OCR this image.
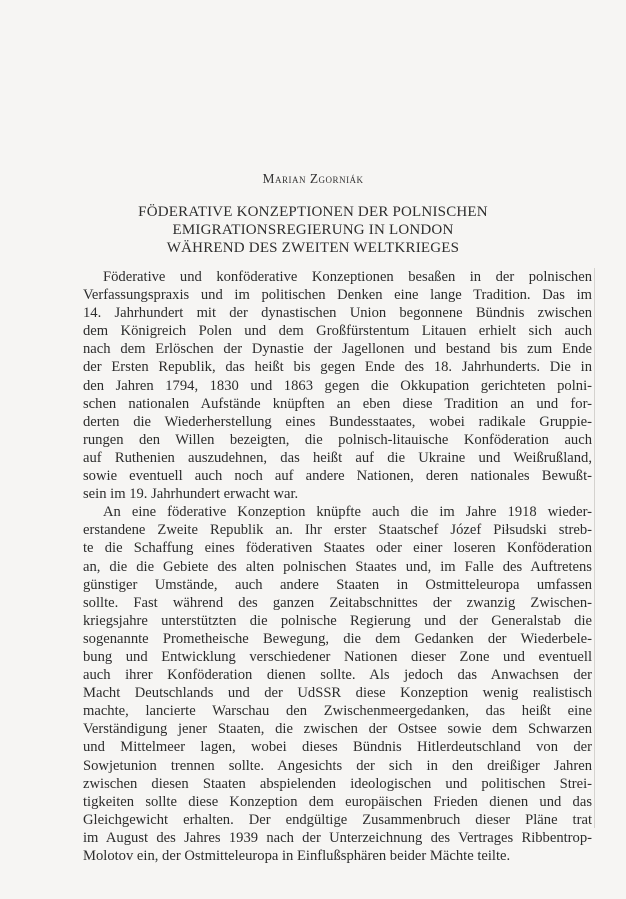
Marian Zgorniák
FÖDERATIVE KONZEPTIONEN DER POLNISCHEN
EMIGRATIONSREGIERUNG IN LONDON
WÄHREND DES ZWEITEN WELTKRIEGES
Föderative und konföderative Konzeptionen besaßen in der polnischen
Verfassungspraxis und im politischen Denken eine lange Tradition. Das im
14. Jahrhundert mit der dynastischen Union begonnene Bündnis zwischen
dem Königreich Polen und dem Großfürstentum Litauen erhielt sich auch
nach dem Erlöschen der Dynastie der Jagellonen und bestand bis zum Ende
der Ersten Republik, das heißt bis gegen Ende des 18. Jahrhunderts. Die in
den Jahren 1794, 1830 und 1863 gegen die Okkupation gerichteten polni-
schen nationalen Aufstände knüpften an eben diese Tradition an und for-
derten die Wiederherstellung eines Bundesstaates, wobei radikale Gruppie-
rungen den Willen bezeigten, die polnisch-litauische Konföderation auch
auf Ruthenien auszudehnen, das heißt auf die Ukraine und Weißrußland,
sowie eventuell auch noch auf andere Nationen, deren nationales Bewußt-
sein im 19. Jahrhundert erwacht war.
An eine föderative Konzeption knüpfte auch die im Jahre 1918 wieder-
erstandene Zweite Republik an. Ihr erster Staatschef Józef Piłsudski streb-
te die Schaffung eines föderativen Staates oder einer loseren Konföderation
an, die die Gebiete des alten polnischen Staates und, im Falle des Auftretens
günstiger Umstände, auch andere Staaten in Ostmitteleuropa umfassen
sollte. Fast während des ganzen Zeitabschnittes der zwanzig Zwischen-
kriegsjahre unterstützten die polnische Regierung und der Generalstab die
sogenannte Prometheische Bewegung, die dem Gedanken der Wiederbele-
bung und Entwicklung verschiedener Nationen dieser Zone und eventuell
auch ihrer Konföderation dienen sollte. Als jedoch das Anwachsen der
Macht Deutschlands und der UdSSR diese Konzeption wenig realistisch
machte, lancierte Warschau den Zwischenmeergedanken, das heißt eine
Verständigung jener Staaten, die zwischen der Ostsee sowie dem Schwarzen
und Mittelmeer lagen, wobei dieses Bündnis Hitlerdeutschland von der
Sowjetunion trennen sollte. Angesichts der sich in den dreißiger Jahren
zwischen diesen Staaten abspielenden ideologischen und politischen Strei-
tigkeiten sollte diese Konzeption dem europäischen Frieden dienen und das
Gleichgewicht erhalten. Der endgültige Zusammenbruch dieser Pläne trat
im August des Jahres 1939 nach der Unterzeichnung des Vertrages Ribbentrop-
Molotov ein, der Ostmitteleuropa in Einflußsphären beider Mächte teilte.
